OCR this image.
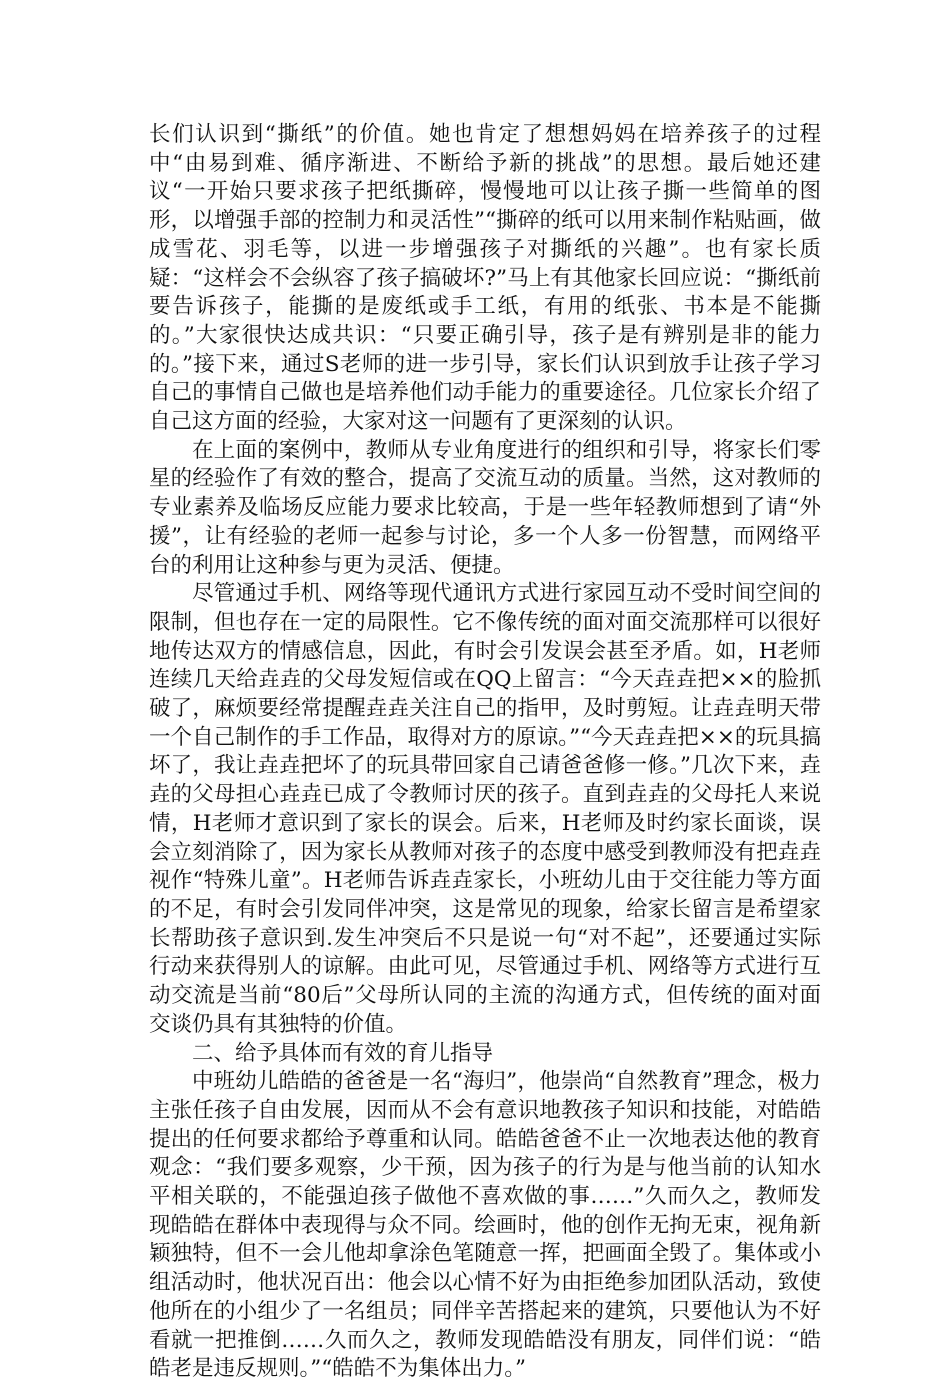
长们认识到“撕纸”的价值。她也肯定了想想妈妈在培养孩子的过程中“由易到难、循序渐进、不断给予新的挑战”的思想。最后她还建议“一开始只要求孩子把纸撕碎，慢慢地可以让孩子撕一些简单的图形，以增强手部的控制力和灵活性”“撕碎的纸可以用来制作粘贴画，做成雪花、羽毛等，以进一步增强孩子对撕纸的兴趣”。也有家长质疑：“这样会不会纵容了孩子搞破坏?”马上有其他家长回应说：“撕纸前要告诉孩子，能撕的是废纸或手工纸，有用的纸张、书本是不能撕的。”大家很快达成共识：“只要正确引导，孩子是有辨别是非的能力的。”接下来，通过S老师的进一步引导，家长们认识到放手让孩子学习自己的事情自己做也是培养他们动手能力的重要途径。几位家长介绍了自己这方面的经验，大家对这一问题有了更深刻的认识。

在上面的案例中，教师从专业角度进行的组织和引导，将家长们零星的经验作了有效的整合，提高了交流互动的质量。当然，这对教师的专业素养及临场反应能力要求比较高，于是一些年轻教师想到了请“外援”，让有经验的老师一起参与讨论，多一个人多一份智慧，而网络平台的利用让这种参与更为灵活、便捷。

尽管通过手机、网络等现代通讯方式进行家园互动不受时间空间的限制，但也存在一定的局限性。它不像传统的面对面交流那样可以很好地传达双方的情感信息，因此，有时会引发误会甚至矛盾。如，H老师连续几天给垚垚的父母发短信或在QQ上留言：“今天垚垚把××的脸抓破了，麻烦要经常提醒垚垚关注自己的指甲，及时剪短。让垚垚明天带一个自己制作的手工作品，取得对方的原谅。”“今天垚垚把××的玩具搞坏了，我让垚垚把坏了的玩具带回家自己请爸爸修一修。”几次下来，垚垚的父母担心垚垚已成了令教师讨厌的孩子。直到垚垚的父母托人来说情，H老师才意识到了家长的误会。后来，H老师及时约家长面谈，误会立刻消除了，因为家长从教师对孩子的态度中感受到教师没有把垚垚视作“特殊儿童”。H老师告诉垚垚家长，小班幼儿由于交往能力等方面的不足，有时会引发同伴冲突，这是常见的现象，给家长留言是希望家长帮助孩子意识到.发生冲突后不只是说一句“对不起”，还要通过实际行动来获得别人的谅解。由此可见，尽管通过手机、网络等方式进行互动交流是当前“80后”父母所认同的主流的沟通方式，但传统的面对面交谈仍具有其独特的价值。

二、给予具体而有效的育儿指导

中班幼儿皓皓的爸爸是一名“海归”，他崇尚“自然教育”理念，极力主张任孩子自由发展，因而从不会有意识地教孩子知识和技能，对皓皓提出的任何要求都给予尊重和认同。皓皓爸爸不止一次地表达他的教育观念：“我们要多观察，少干预，因为孩子的行为是与他当前的认知水平相关联的，不能强迫孩子做他不喜欢做的事……”久而久之，教师发现皓皓在群体中表现得与众不同。绘画时，他的创作无拘无束，视角新颖独特，但不一会儿他却拿涂色笔随意一挥，把画面全毁了。集体或小组活动时，他状况百出：他会以心情不好为由拒绝参加团队活动，致使他所在的小组少了一名组员；同伴辛苦搭起来的建筑，只要他认为不好看就一把推倒……久而久之，教师发现皓皓没有朋友，同伴们说：“皓皓老是违反规则。”“皓皓不为集体出力。”
